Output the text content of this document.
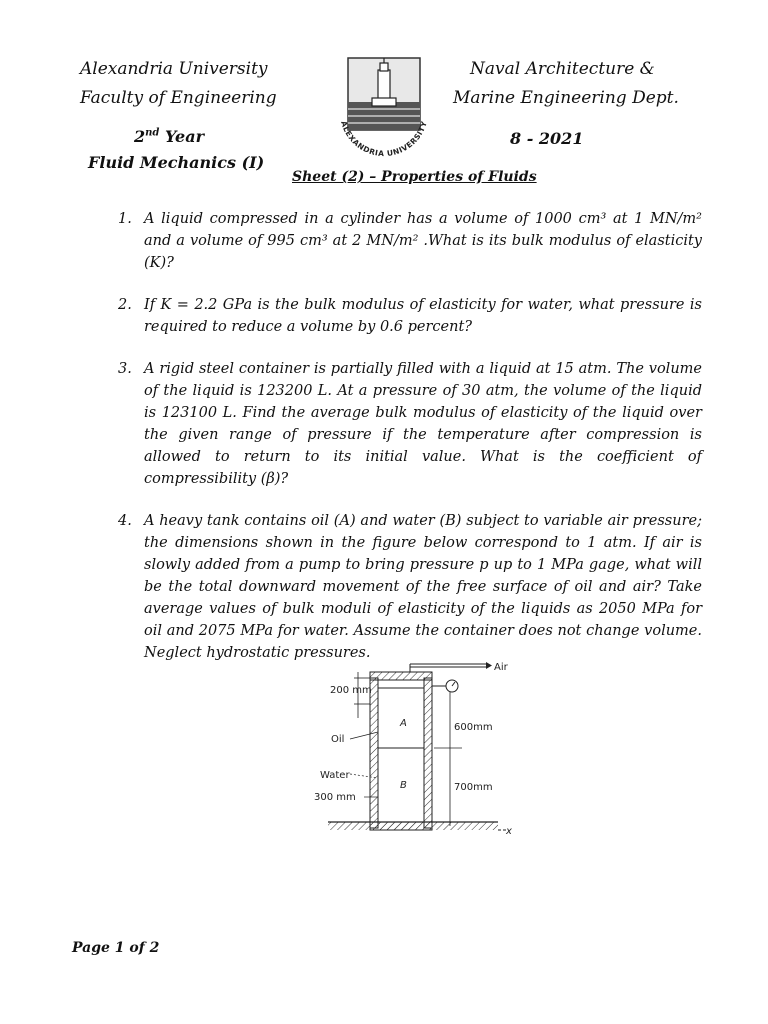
Alexandria University
Faculty of Engineering
Naval Architecture &
Marine Engineering Dept.
2nd Year
Fluid Mechanics (I)
8 - 2021
ALEXANDRIA UNIVERSITY
Sheet (2) – Properties of Fluids
1. A liquid compressed in a cylinder has a volume of 1000 cm³ at 1 MN/m² and a volume of 995 cm³ at 2 MN/m² .What is its bulk modulus of elasticity (K)?
2. If K = 2.2 GPa is the bulk modulus of elasticity for water, what pressure is required to reduce a volume by 0.6 percent?
3. A rigid steel container is partially filled with a liquid at 15 atm. The volume of the liquid is 123200 L. At a pressure of 30 atm, the volume of the liquid is 123100 L. Find the average bulk modulus of elasticity of the liquid over the given range of pressure if the temperature after compression is allowed to return to its initial value. What is the coefficient of compressibility (β)?
4. A heavy tank contains oil (A) and water (B) subject to variable air pressure; the dimensions shown in the figure below correspond to 1 atm. If air is slowly added from a pump to bring pressure p up to 1 MPa gage, what will be the total downward movement of the free surface of oil and air? Take average values of bulk moduli of elasticity of the liquids as 2050 MPa for oil and 2075 MPa for water. Assume the container does not change volume. Neglect hydrostatic pressures.
x
Air
200 mm
Oil
Water
300 mm
A
B
600mm
700mm
Page 1 of 2
